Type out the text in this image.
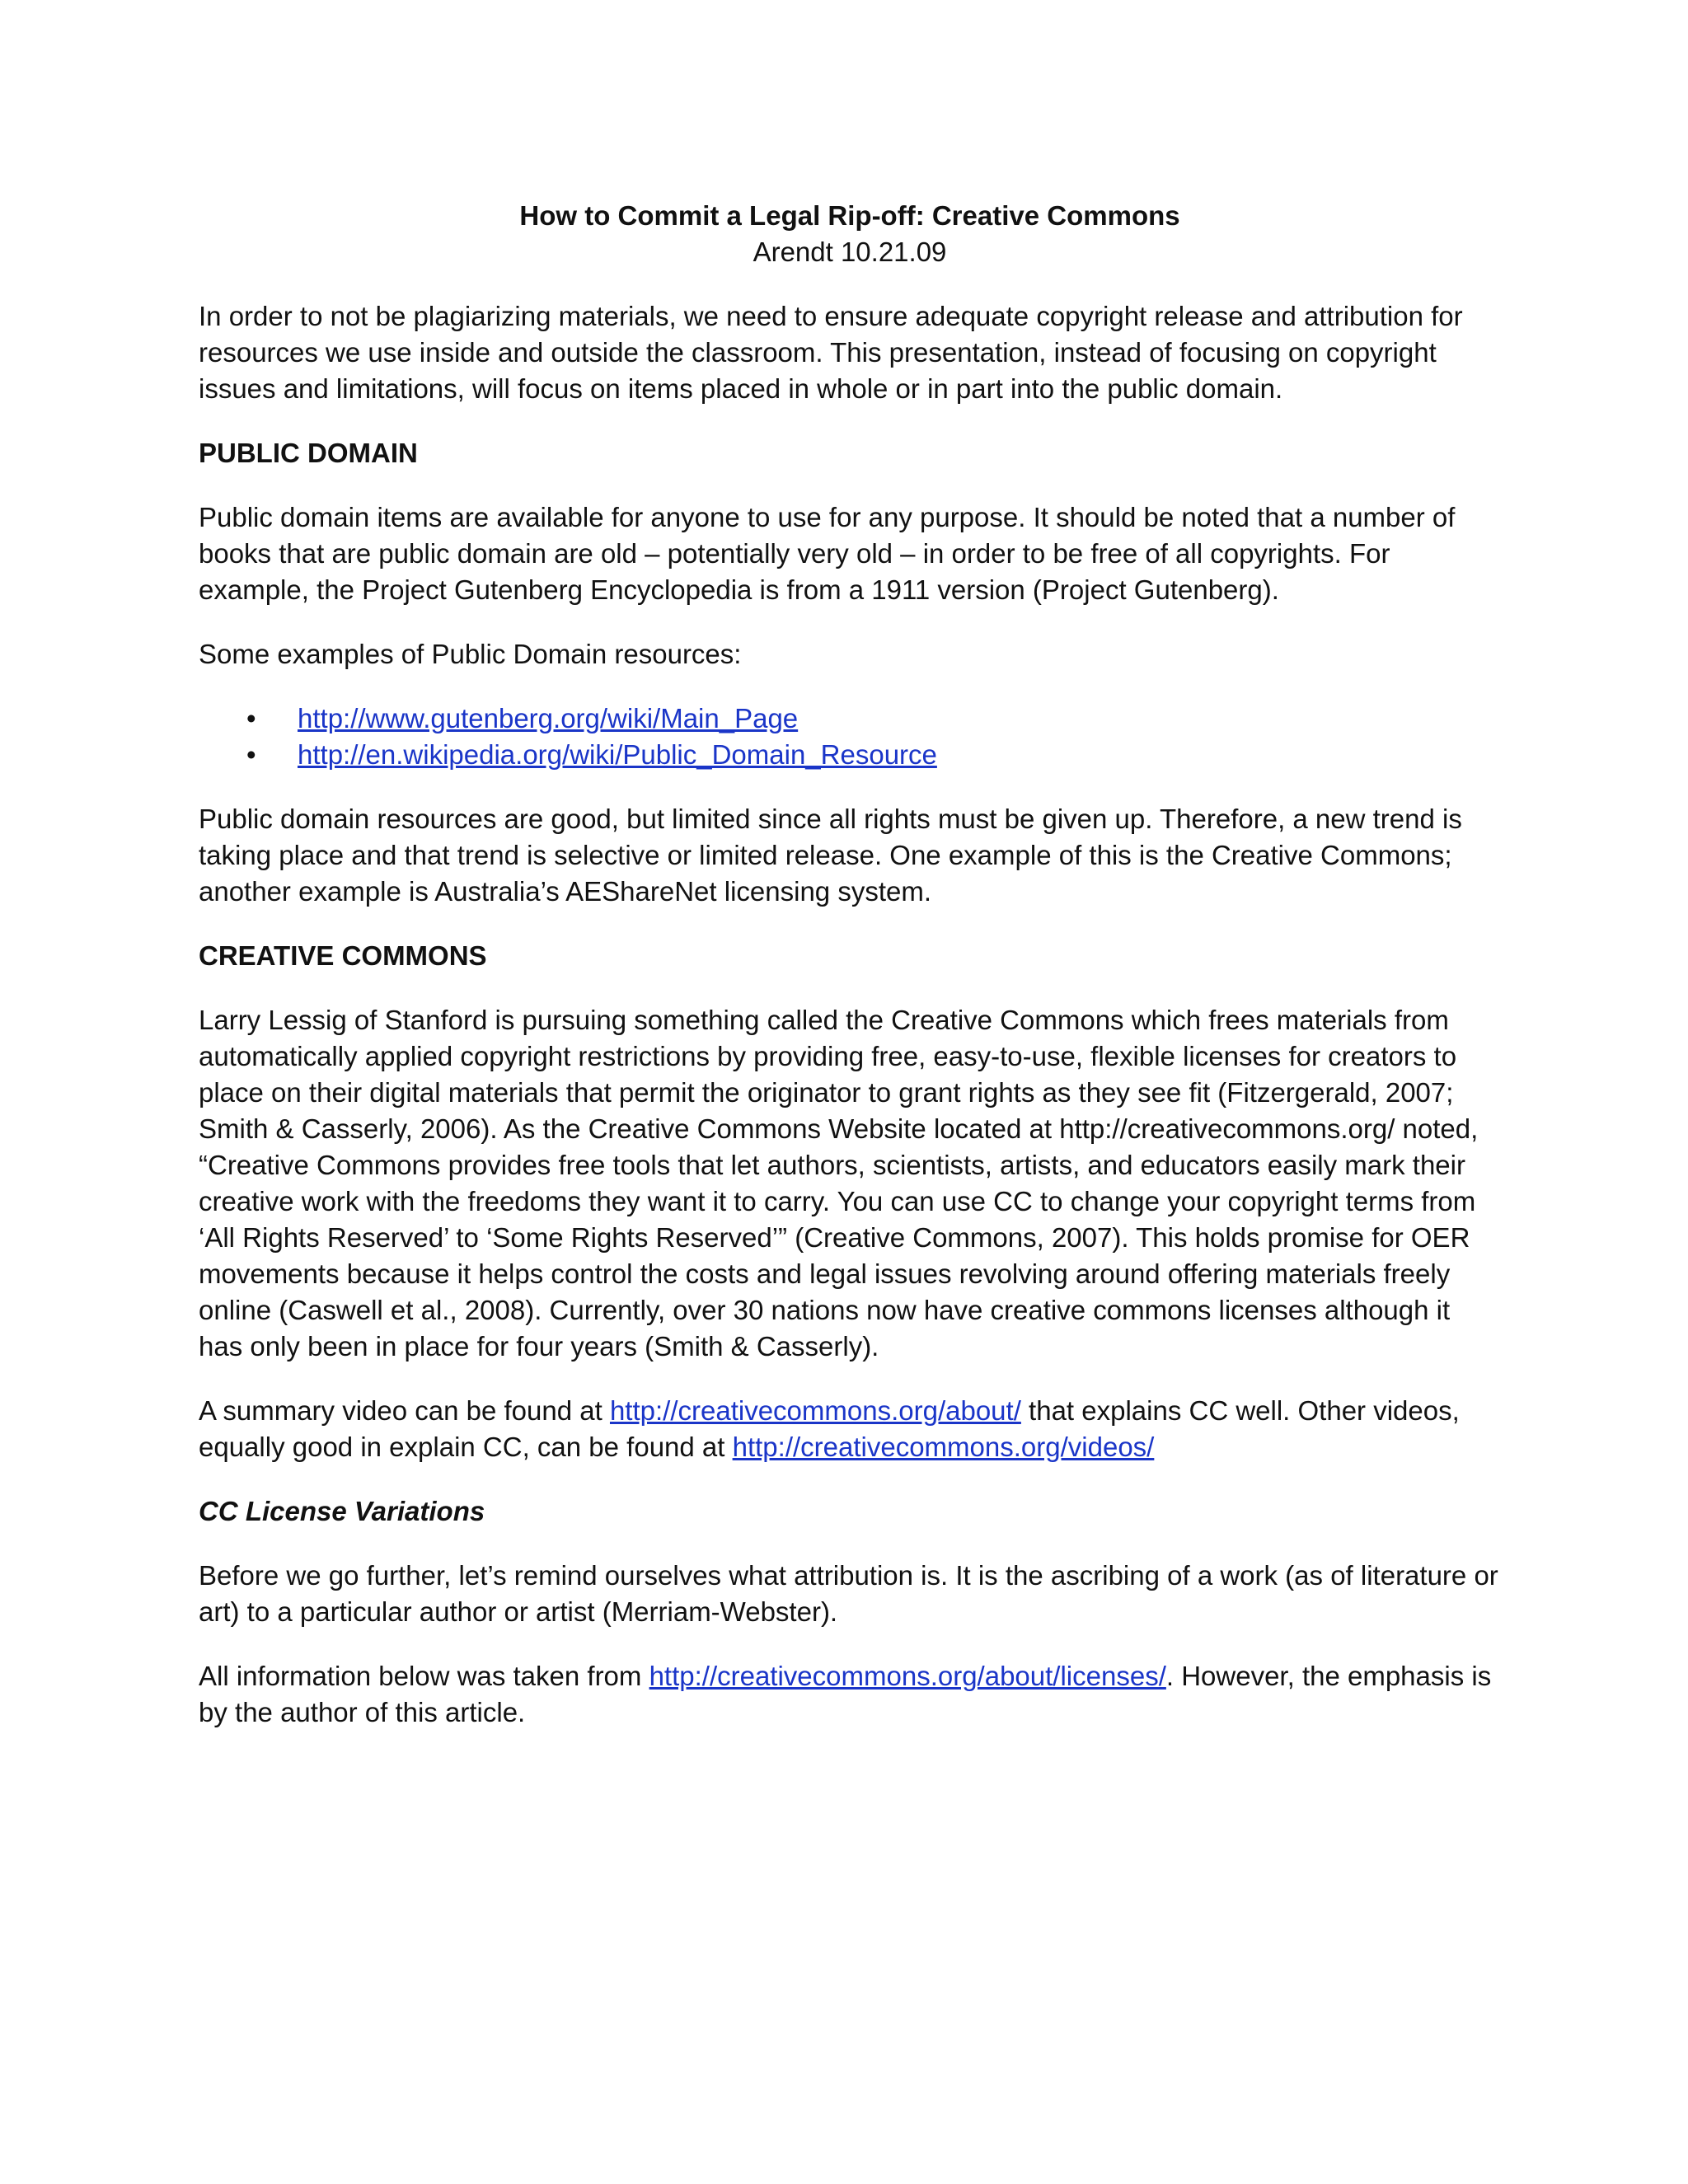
How to Commit a Legal Rip-off: Creative Commons
Arendt 10.21.09

In order to not be plagiarizing materials, we need to ensure adequate copyright release and attribution for resources we use inside and outside the classroom. This presentation, instead of focusing on copyright issues and limitations, will focus on items placed in whole or in part into the public domain.

PUBLIC DOMAIN

Public domain items are available for anyone to use for any purpose. It should be noted that a number of books that are public domain are old – potentially very old – in order to be free of all copyrights. For example, the Project Gutenberg Encyclopedia is from a 1911 version (Project Gutenberg).

Some examples of Public Domain resources:

• http://www.gutenberg.org/wiki/Main_Page
• http://en.wikipedia.org/wiki/Public_Domain_Resource

Public domain resources are good, but limited since all rights must be given up. Therefore, a new trend is taking place and that trend is selective or limited release. One example of this is the Creative Commons; another example is Australia’s AEShareNet licensing system.

CREATIVE COMMONS

Larry Lessig of Stanford is pursuing something called the Creative Commons which frees materials from automatically applied copyright restrictions by providing free, easy-to-use, flexible licenses for creators to place on their digital materials that permit the originator to grant rights as they see fit (Fitzergerald, 2007; Smith & Casserly, 2006). As the Creative Commons Website located at http://creativecommons.org/ noted, “Creative Commons provides free tools that let authors, scientists, artists, and educators easily mark their creative work with the freedoms they want it to carry. You can use CC to change your copyright terms from ‘All Rights Reserved’ to ‘Some Rights Reserved’” (Creative Commons, 2007). This holds promise for OER movements because it helps control the costs and legal issues revolving around offering materials freely online (Caswell et al., 2008). Currently, over 30 nations now have creative commons licenses although it has only been in place for four years (Smith & Casserly).

A summary video can be found at http://creativecommons.org/about/ that explains CC well. Other videos, equally good in explain CC, can be found at http://creativecommons.org/videos/

CC License Variations

Before we go further, let’s remind ourselves what attribution is. It is the ascribing of a work (as of literature or art) to a particular author or artist (Merriam-Webster).

All information below was taken from http://creativecommons.org/about/licenses/. However, the emphasis is by the author of this article.
